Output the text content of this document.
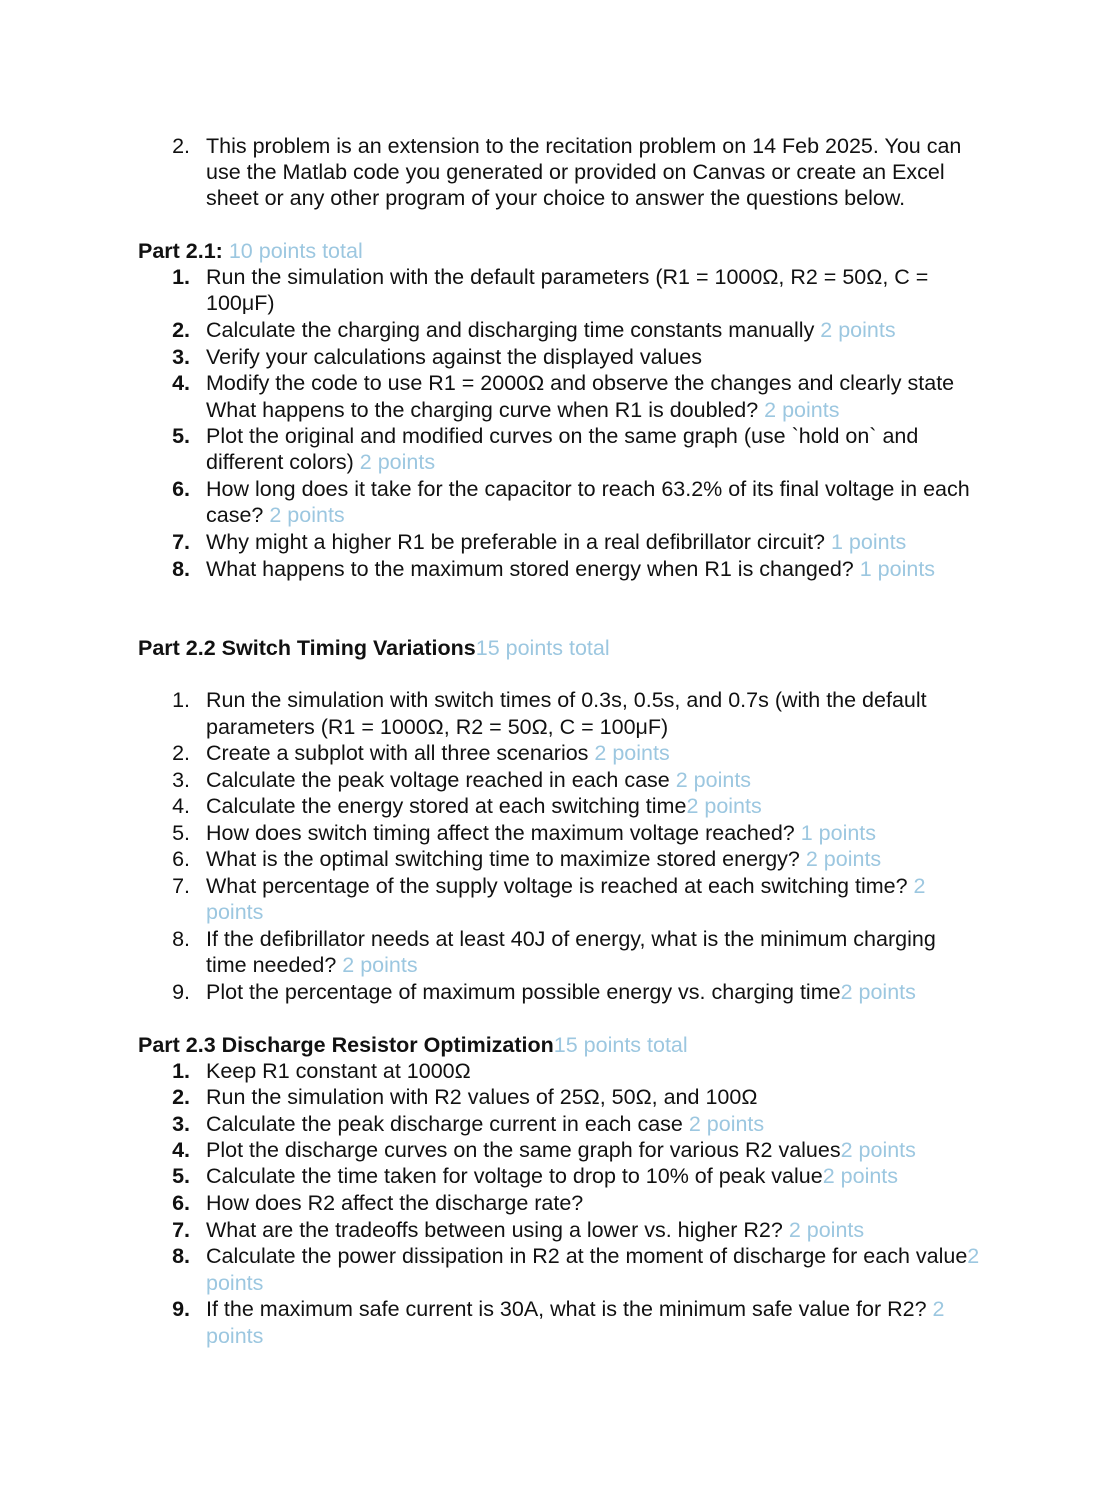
2. This problem is an extension to the recitation problem on 14 Feb 2025. You can
use the Matlab code you generated or provided on Canvas or create an Excel
sheet or any other program of your choice to answer the questions below.
Part 2.1: 10 points total
1. Run the simulation with the default parameters (R1 = 1000Ω, R2 = 50Ω, C =
100μF)
2. Calculate the charging and discharging time constants manually 2 points
3. Verify your calculations against the displayed values
4. Modify the code to use R1 = 2000Ω and observe the changes and clearly state
What happens to the charging curve when R1 is doubled? 2 points
5. Plot the original and modified curves on the same graph (use `hold on` and
different colors) 2 points
6. How long does it take for the capacitor to reach 63.2% of its final voltage in each
case? 2 points
7. Why might a higher R1 be preferable in a real defibrillator circuit? 1 points
8. What happens to the maximum stored energy when R1 is changed? 1 points
Part 2.2 Switch Timing Variations15 points total
1. Run the simulation with switch times of 0.3s, 0.5s, and 0.7s (with the default
parameters (R1 = 1000Ω, R2 = 50Ω, C = 100μF)
2. Create a subplot with all three scenarios 2 points
3. Calculate the peak voltage reached in each case 2 points
4. Calculate the energy stored at each switching time2 points
5. How does switch timing affect the maximum voltage reached? 1 points
6. What is the optimal switching time to maximize stored energy? 2 points
7. What percentage of the supply voltage is reached at each switching time? 2
points
8. If the defibrillator needs at least 40J of energy, what is the minimum charging
time needed? 2 points
9. Plot the percentage of maximum possible energy vs. charging time2 points
Part 2.3 Discharge Resistor Optimization15 points total
1. Keep R1 constant at 1000Ω
2. Run the simulation with R2 values of 25Ω, 50Ω, and 100Ω
3. Calculate the peak discharge current in each case 2 points
4. Plot the discharge curves on the same graph for various R2 values2 points
5. Calculate the time taken for voltage to drop to 10% of peak value2 points
6. How does R2 affect the discharge rate?
7. What are the tradeoffs between using a lower vs. higher R2? 2 points
8. Calculate the power dissipation in R2 at the moment of discharge for each value2
points
9. If the maximum safe current is 30A, what is the minimum safe value for R2? 2
points
